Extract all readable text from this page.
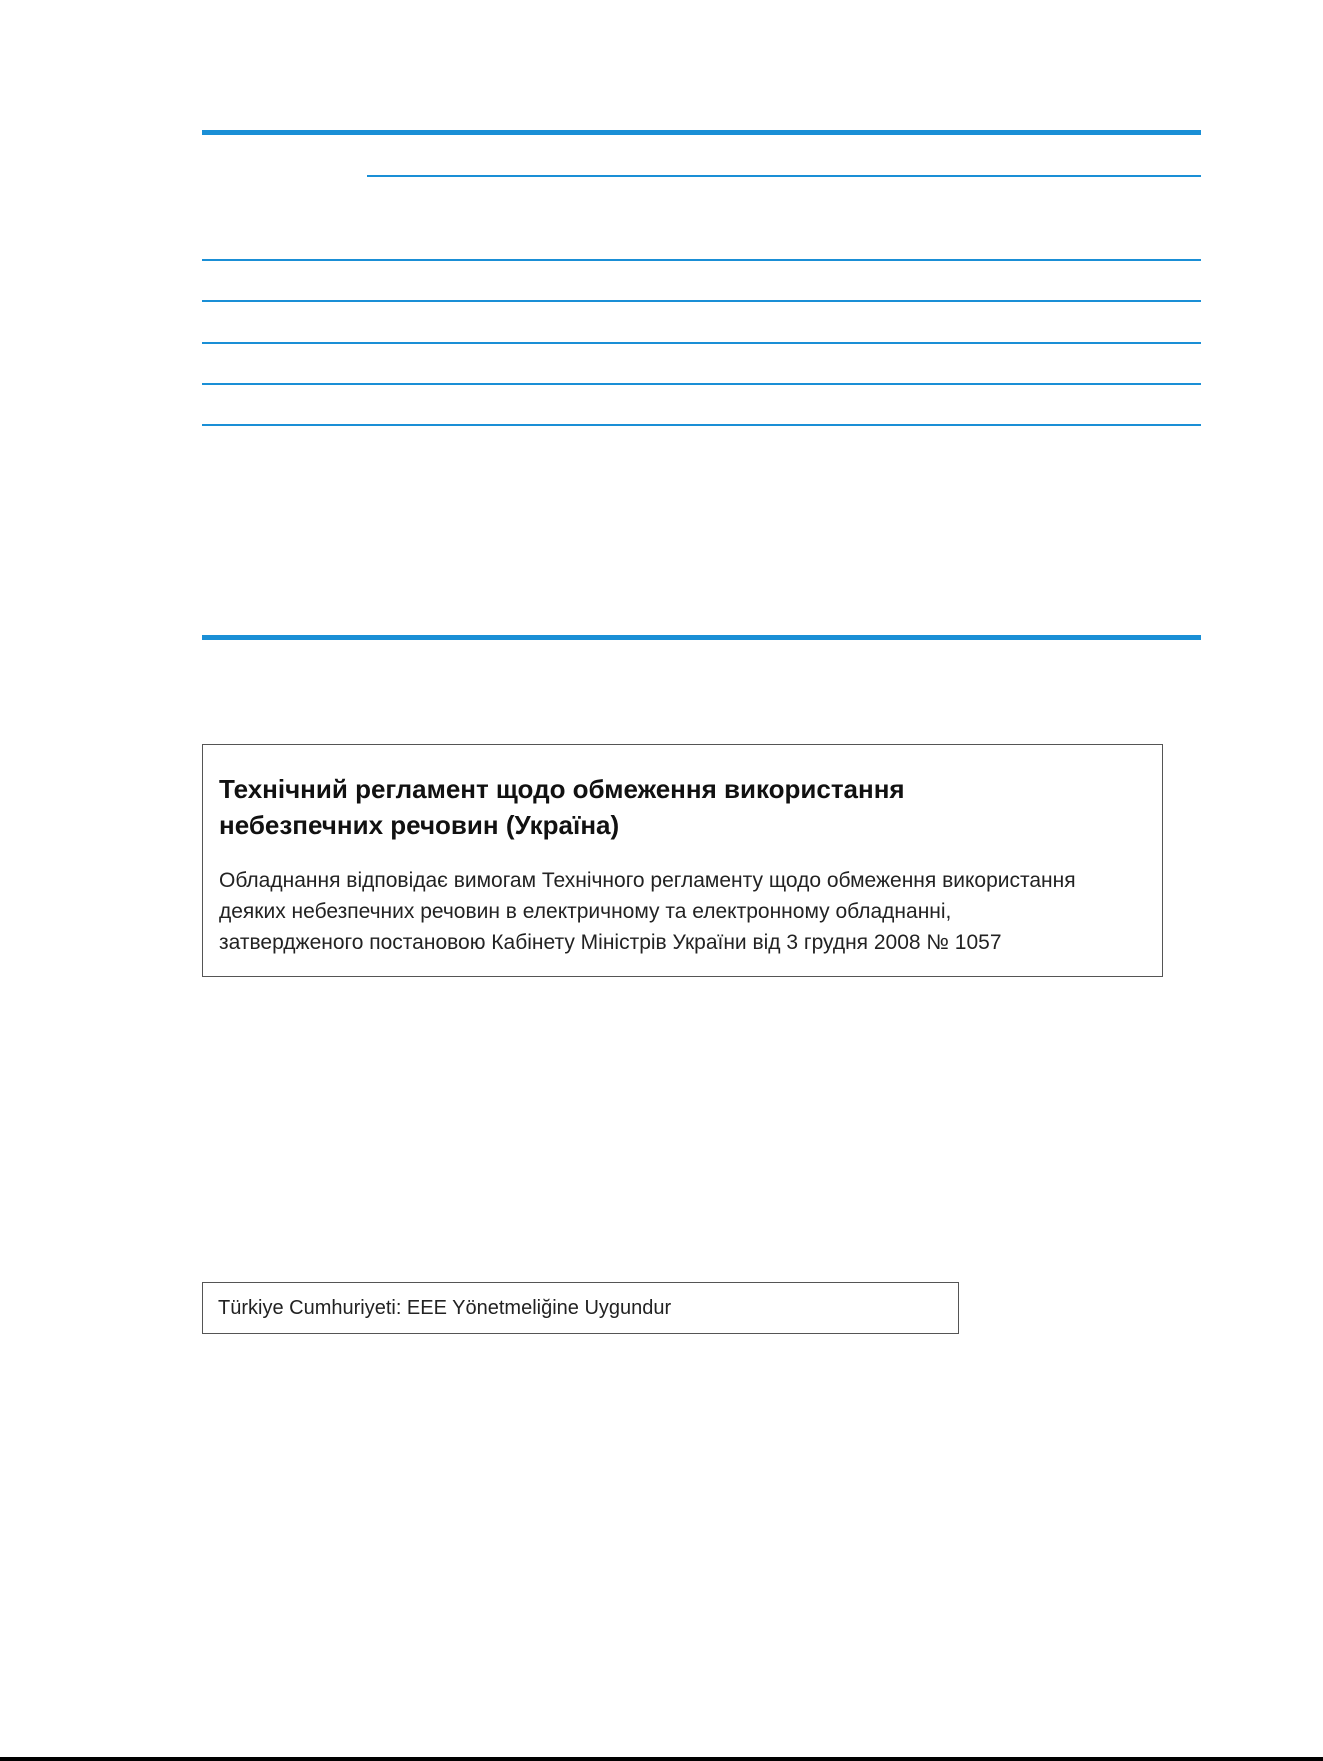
Технічний регламент щодо обмеження використання
небезпечних речовин (Україна)
Обладнання відповідає вимогам Технічного регламенту щодо обмеження використання
деяких небезпечних речовин в електричному та електронному обладнанні,
затвердженого постановою Кабінету Міністрів України від 3 грудня 2008 № 1057
Türkiye Cumhuriyeti: EEE Yönetmeliğine Uygundur
